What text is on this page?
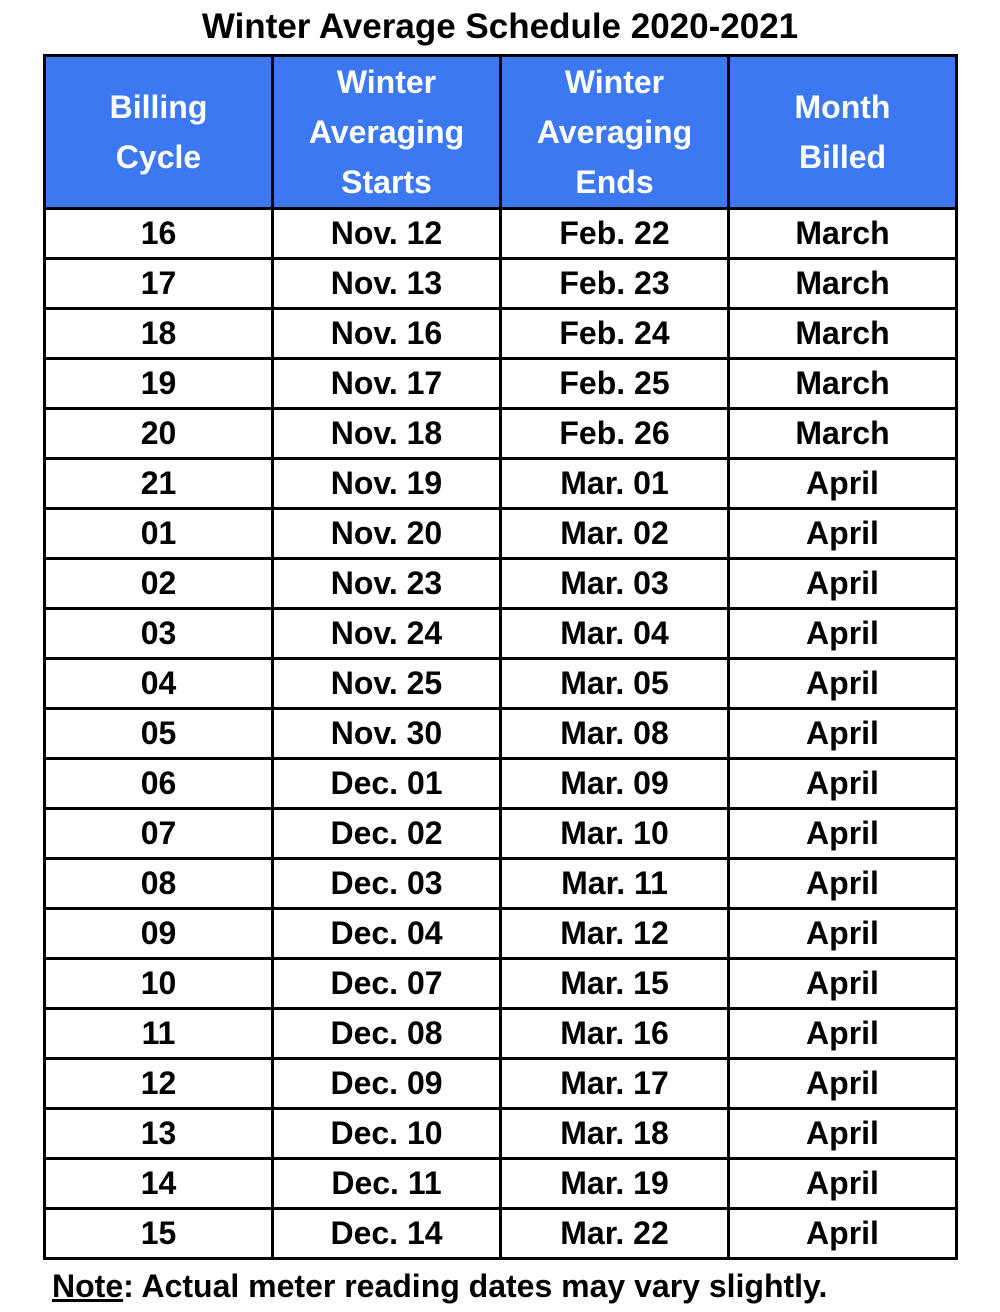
Winter Average Schedule 2020-2021
Billing Cycle	Winter Averaging Starts	Winter Averaging Ends	Month Billed
16	Nov. 12	Feb. 22	March
17	Nov. 13	Feb. 23	March
18	Nov. 16	Feb. 24	March
19	Nov. 17	Feb. 25	March
20	Nov. 18	Feb. 26	March
21	Nov. 19	Mar. 01	April
01	Nov. 20	Mar. 02	April
02	Nov. 23	Mar. 03	April
03	Nov. 24	Mar. 04	April
04	Nov. 25	Mar. 05	April
05	Nov. 30	Mar. 08	April
06	Dec. 01	Mar. 09	April
07	Dec. 02	Mar. 10	April
08	Dec. 03	Mar. 11	April
09	Dec. 04	Mar. 12	April
10	Dec. 07	Mar. 15	April
11	Dec. 08	Mar. 16	April
12	Dec. 09	Mar. 17	April
13	Dec. 10	Mar. 18	April
14	Dec. 11	Mar. 19	April
15	Dec. 14	Mar. 22	April
Note: Actual meter reading dates may vary slightly.
